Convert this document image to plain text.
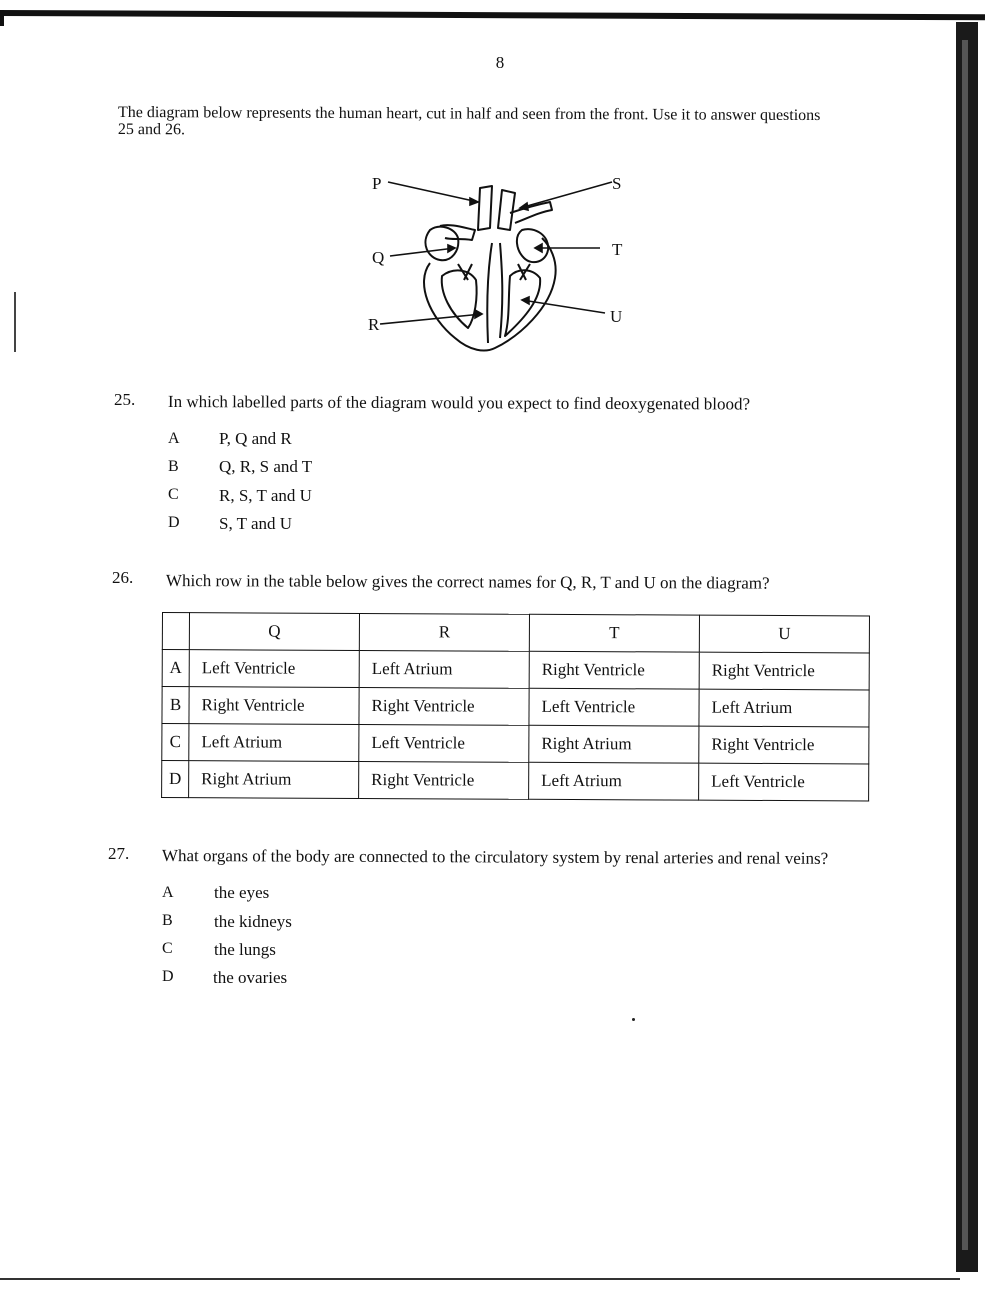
8
The diagram below represents the human heart, cut in half and seen from the front. Use it to answer questions 25 and 26.
P	S
Q	T
R	U
25. In which labelled parts of the diagram would you expect to find deoxygenated blood?
A P, Q and R
B Q, R, S and T
C R, S, T and U
D S, T and U
26. Which row in the table below gives the correct names for Q, R, T and U on the diagram?
	Q	R	T	U
A	Left Ventricle	Left Atrium	Right Ventricle	Right Ventricle
B	Right Ventricle	Right Ventricle	Left Ventricle	Left Atrium
C	Left Atrium	Left Ventricle	Right Atrium	Right Ventricle
D	Right Atrium	Right Ventricle	Left Atrium	Left Ventricle
27. What organs of the body are connected to the circulatory system by renal arteries and renal veins?
A the eyes
B the kidneys
C the lungs
D the ovaries
